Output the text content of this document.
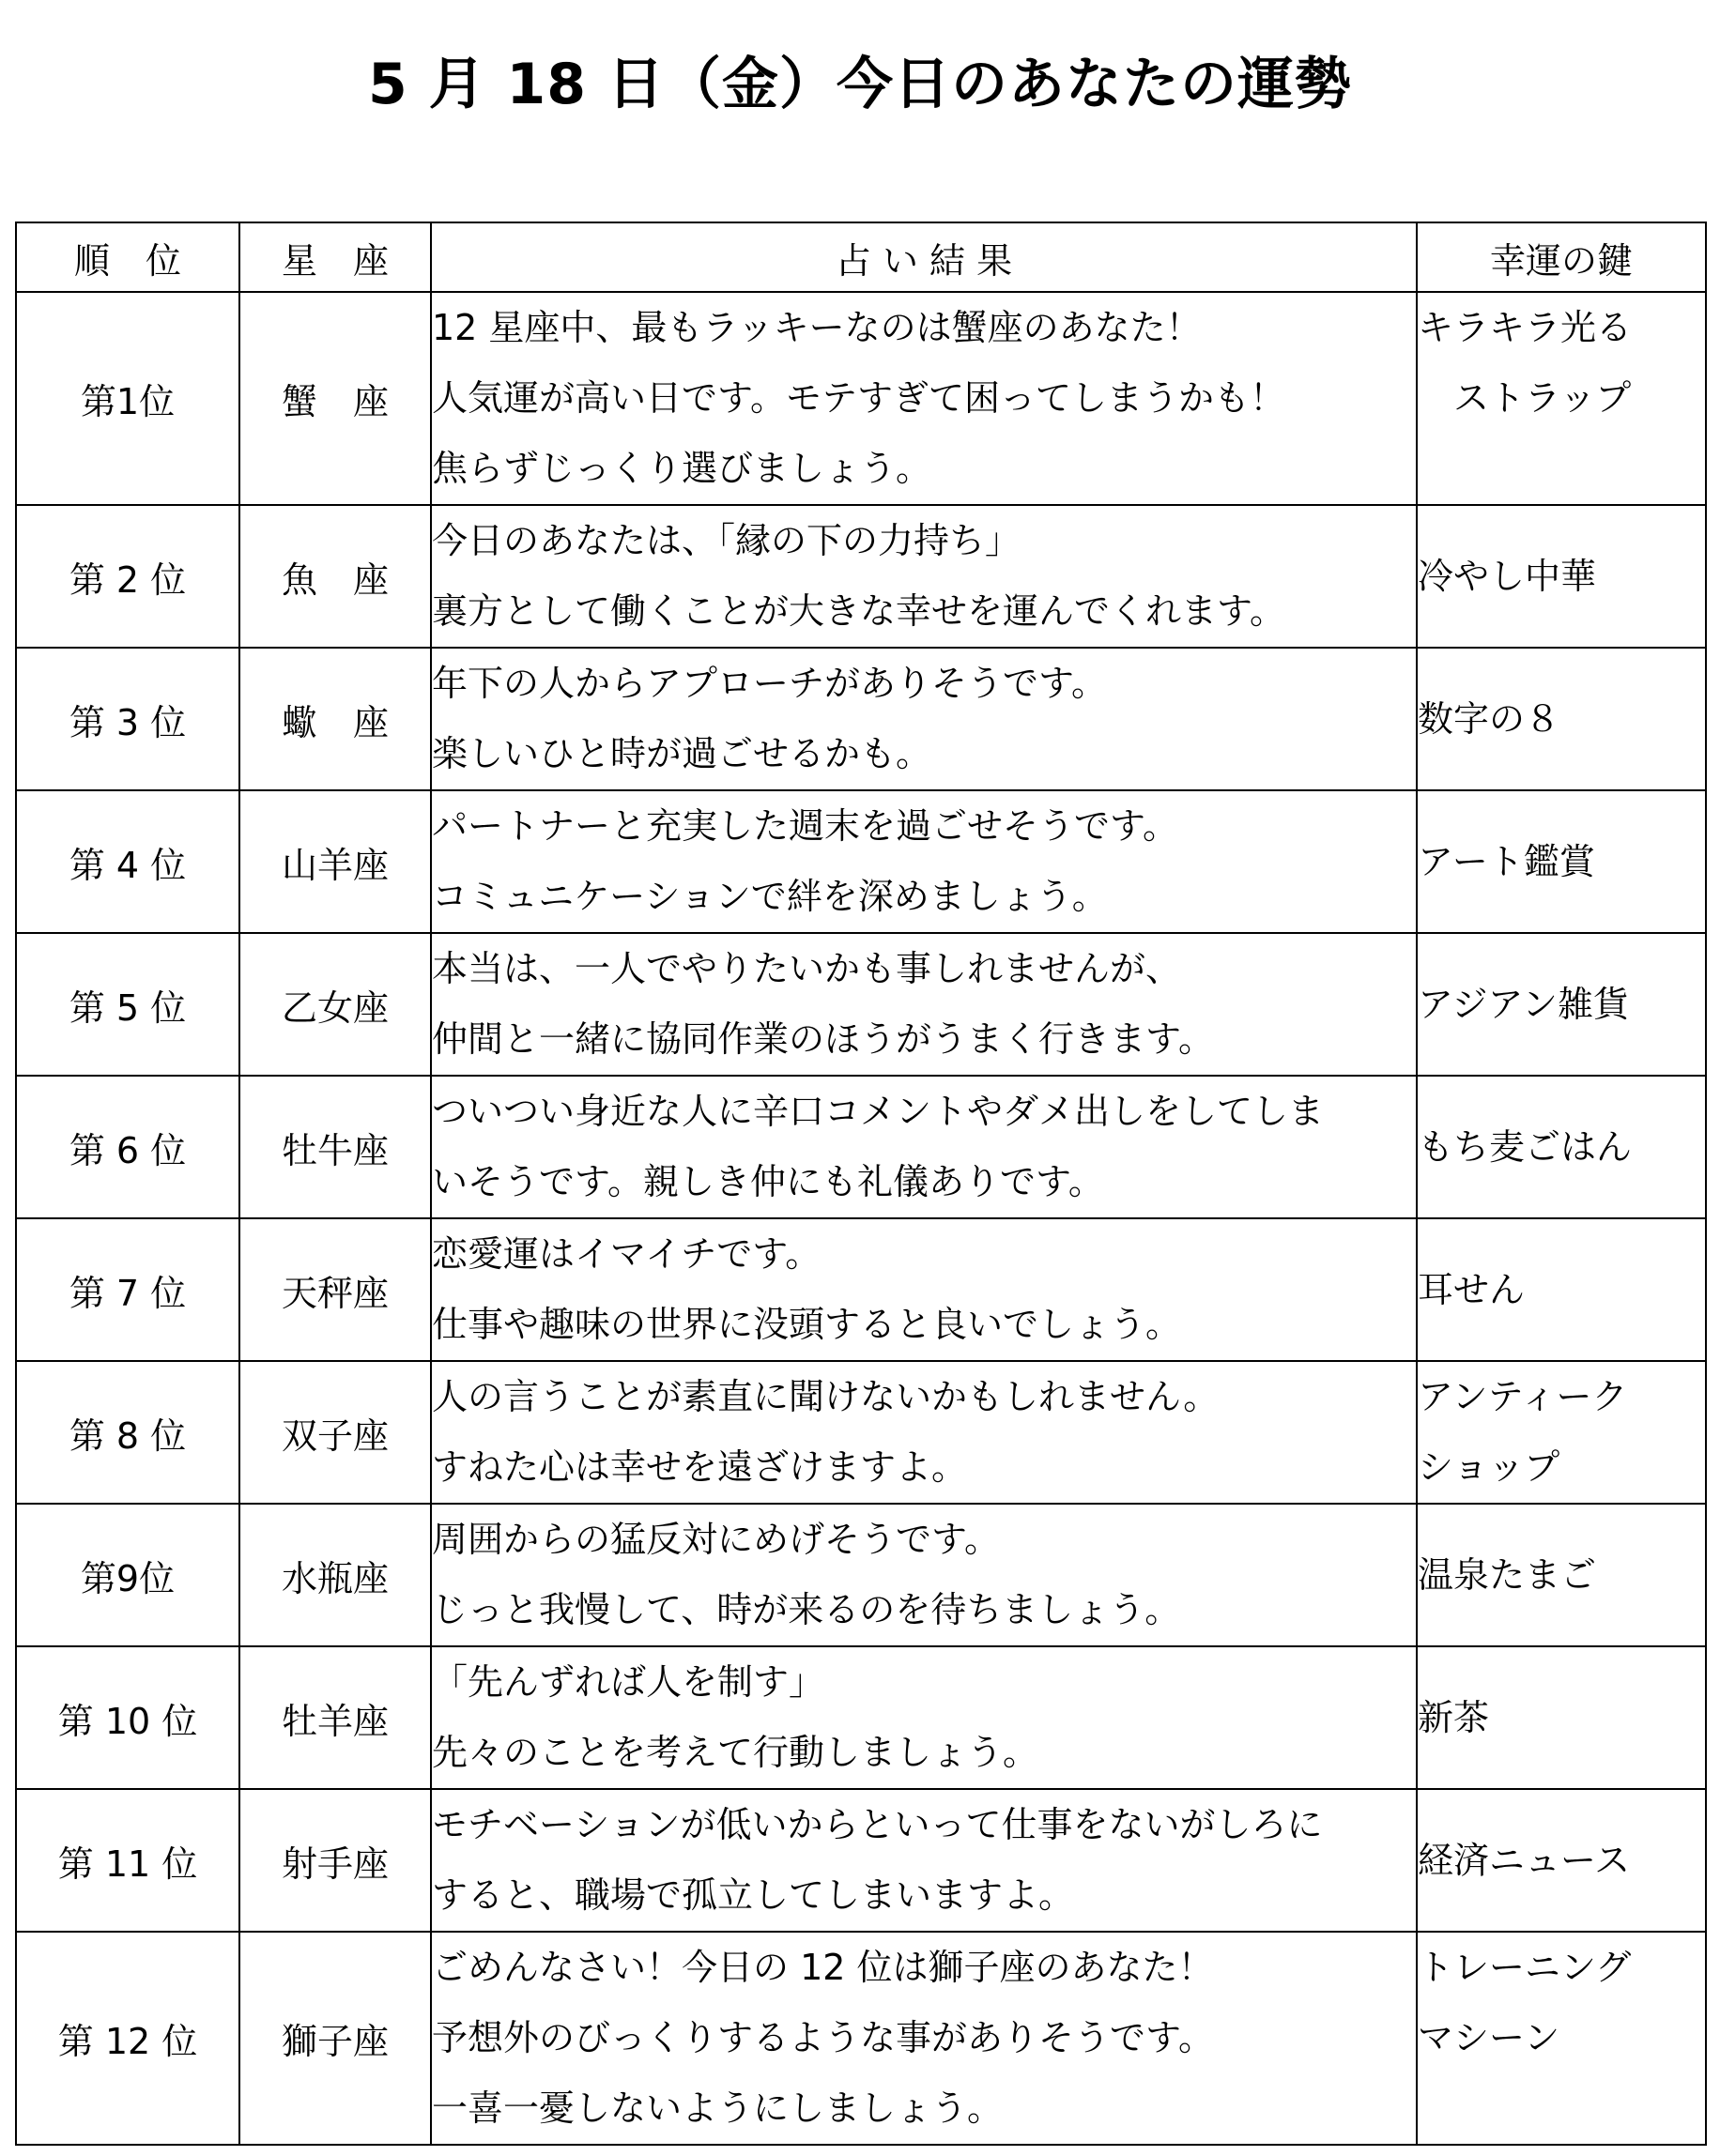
5 月 18 日（金）今日のあなたの運勢
順　位	星　座	占 い 結 果	幸運の鍵
第1位	蟹　座	12 星座中、最もラッキーなのは蟹座のあなた！
人気運が高い日です。モテすぎて困ってしまうかも！
焦らずじっくり選びましょう。	キラキラ光る
　ストラップ

第 2 位	魚　座	今日のあなたは、「縁の下の力持ち」
裏方として働くことが大きな幸せを運んでくれます。	冷やし中華

第 3 位	蠍　座	年下の人からアプローチがありそうです。
楽しいひと時が過ごせるかも。	数字の８

第 4 位	山羊座	パートナーと充実した週末を過ごせそうです。
コミュニケーションで絆を深めましょう。	アート鑑賞

第 5 位	乙女座	本当は、一人でやりたいかも事しれませんが、
仲間と一緒に協同作業のほうがうまく行きます。	アジアン雑貨

第 6 位	牡牛座	ついつい身近な人に辛口コメントやダメ出しをしてしま
いそうです。親しき仲にも礼儀ありです。	もち麦ごはん

第 7 位	天秤座	恋愛運はイマイチです。
仕事や趣味の世界に没頭すると良いでしょう。	耳せん

第 8 位	双子座	人の言うことが素直に聞けないかもしれません。
すねた心は幸せを遠ざけますよ。	アンティーク
ショップ

第9位	水瓶座	周囲からの猛反対にめげそうです。
じっと我慢して、時が来るのを待ちましょう。	温泉たまご

第 10 位	牡羊座	「先んずれば人を制す」
先々のことを考えて行動しましょう。	新茶

第 11 位	射手座	モチベーションが低いからといって仕事をないがしろに
すると、職場で孤立してしまいますよ。	経済ニュース

第 12 位	獅子座	ごめんなさい！今日の 12 位は獅子座のあなた！
予想外のびっくりするような事がありそうです。
一喜一憂しないようにしましょう。	トレーニング
マシーン
